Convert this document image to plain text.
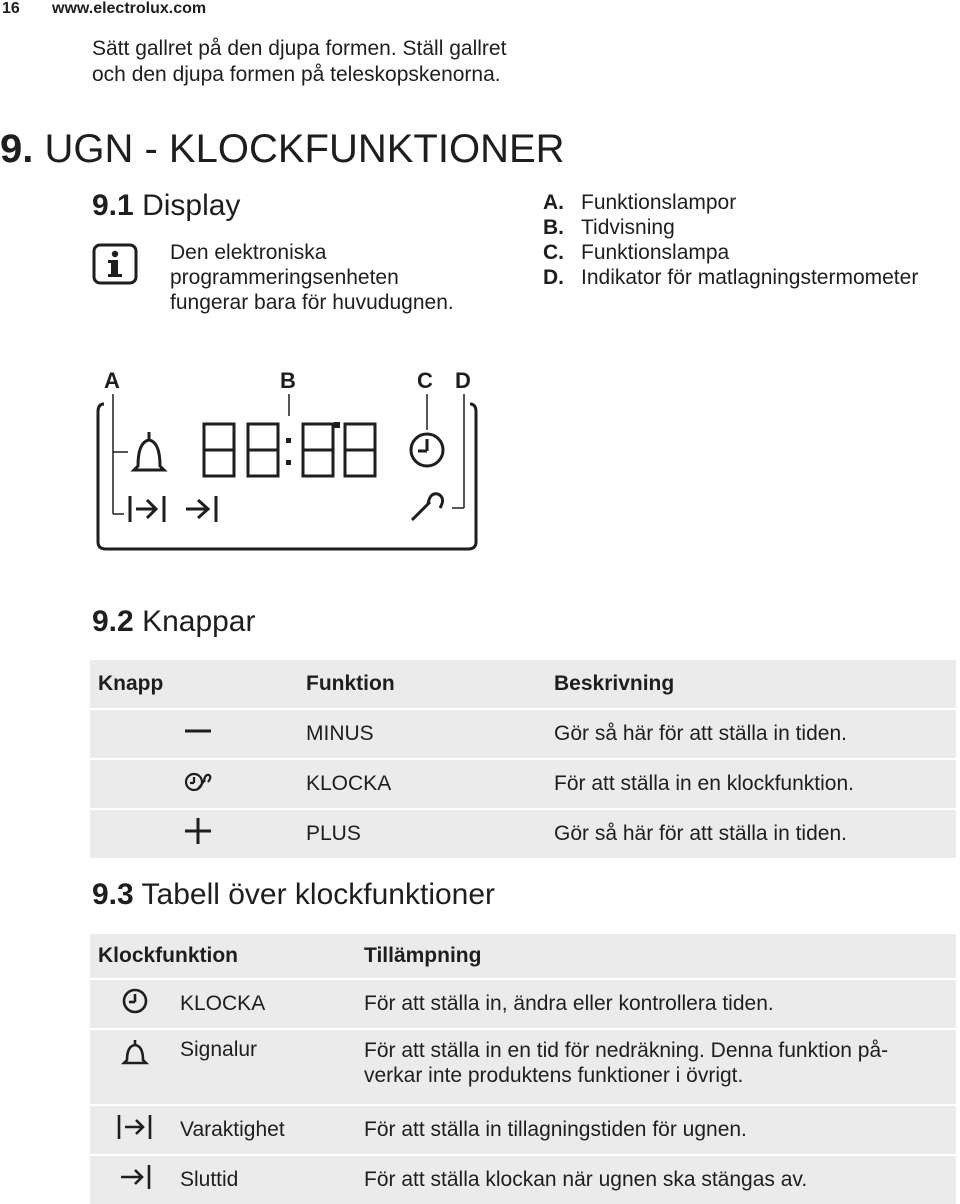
16 www.electrolux.com
Sätt gallret på den djupa formen. Ställ gallret och den djupa formen på teleskopskenorna.
9. UGN - KLOCKFUNKTIONER
9.1 Display
Den elektroniska programmeringsenheten fungerar bara för huvudugnen.
A. Funktionslampor
B. Tidvisning
C. Funktionslampa
D. Indikator för matlagningstermometer
A	B	C D
9.2 Knappar
Knapp	Funktion	Beskrivning
	MINUS	Gör så här för att ställa in tiden.
	KLOCKA	För att ställa in en klockfunktion.
	PLUS	Gör så här för att ställa in tiden.
9.3 Tabell över klockfunktioner
Klockfunktion		Tillämpning
	KLOCKA	För att ställa in, ändra eller kontrollera tiden.
	Signalur	För att ställa in en tid för nedräkning. Denna funktion på-verkar inte produktens funktioner i övrigt.
	Varaktighet	För att ställa in tillagningstiden för ugnen.
	Sluttid	För att ställa klockan när ugnen ska stängas av.
